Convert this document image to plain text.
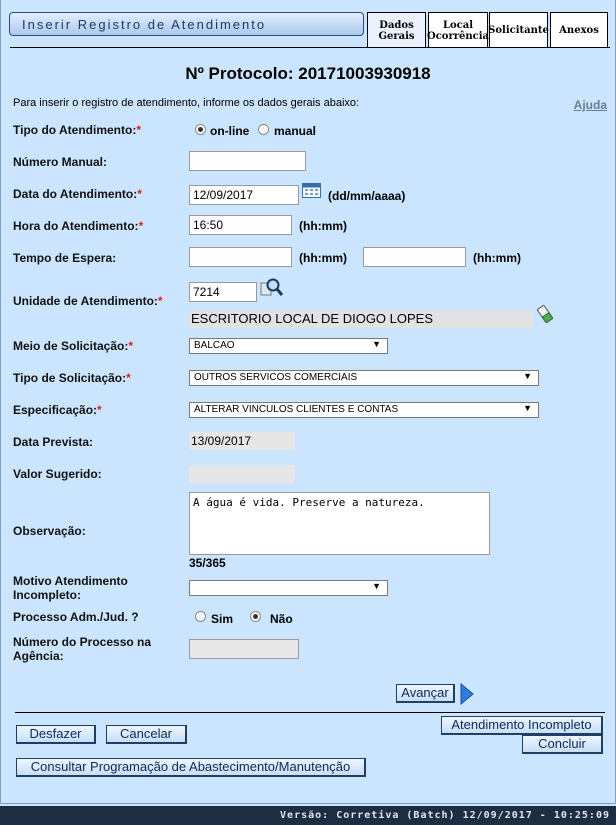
Inserir Registro de Atendimento	Dados
Gerais
Local
Ocorrência Solicitante Anexos
Nº Protocolo: 20171003930918
Para inserir o registro de atendimento, informe os dados gerais abaixo:	Ajuda
Tipo do Atendimento:*	on-line manual
Número Manual:
Data do Atendimento:*	12/09/2017	(dd/mm/aaaa)
Hora do Atendimento:*	16:50	(hh:mm)
Tempo de Espera:	(hh:mm)	(hh:mm)
Unidade de Atendimento:*
7214
ESCRITORIO LOCAL DE DIOGO LOPES
Meio de Solicitação:*	BALCAO	▼
Tipo de Solicitação:*	OUTROS SERVICOS COMERCIAIS	▼
Especificação:*	ALTERAR VINCULOS CLIENTES E CONTAS	▼
Data Prevista:	13/09/2017
Valor Sugerido:
Observação:
A água é vida. Preserve a natureza.
35/365
Motivo Atendimento
Incompleto:
▼
Processo Adm./Jud. ?	Sim	Não
Número do Processo na
Agência:
Avançar
Desfazer	Cancelar
Atendimento Incompleto
Concluir
Consultar Programação de Abastecimento/Manutenção
Versão: Corretiva (Batch) 12/09/2017 - 10:25:09
